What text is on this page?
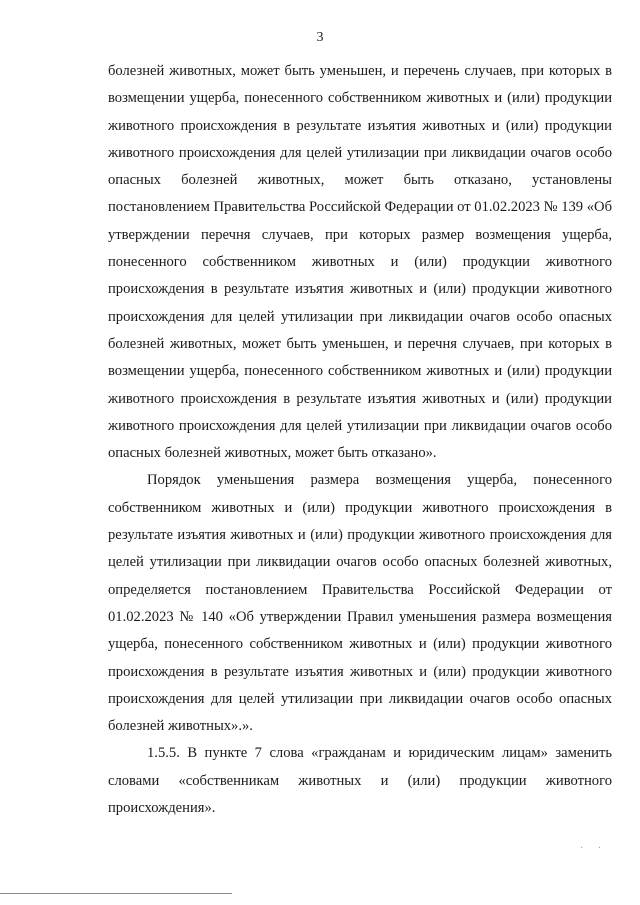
3

болезней животных, может быть уменьшен, и перечень случаев, при которых в возмещении ущерба, понесенного собственником животных и (или) продукции животного происхождения в результате изъятия животных и (или) продукции животного происхождения для целей утилизации при ликвидации очагов особо опасных болезней животных, может быть отказано, установлены постановлением Правительства Российской Федерации от 01.02.2023 № 139 «Об утверждении перечня случаев, при которых размер возмещения ущерба, понесенного собственником животных и (или) продукции животного происхождения в результате изъятия животных и (или) продукции животного происхождения для целей утилизации при ликвидации очагов особо опасных болезней животных, может быть уменьшен, и перечня случаев, при которых в возмещении ущерба, понесенного собственником животных и (или) продукции животного происхождения в результате изъятия животных и (или) продукции животного происхождения для целей утилизации при ликвидации очагов особо опасных болезней животных, может быть отказано».

Порядок уменьшения размера возмещения ущерба, понесенного собственником животных и (или) продукции животного происхождения в результате изъятия животных и (или) продукции животного происхождения для целей утилизации при ликвидации очагов особо опасных болезней животных, определяется постановлением Правительства Российской Федерации от 01.02.2023 № 140 «Об утверждении Правил уменьшения размера возмещения ущерба, понесенного собственником животных и (или) продукции животного происхождения в результате изъятия животных и (или) продукции животного происхождения для целей утилизации при ликвидации очагов особо опасных болезней животных».».

1.5.5. В пункте 7 слова «гражданам и юридическим лицам» заменить словами «собственникам животных и (или) продукции животного происхождения».

· ·
